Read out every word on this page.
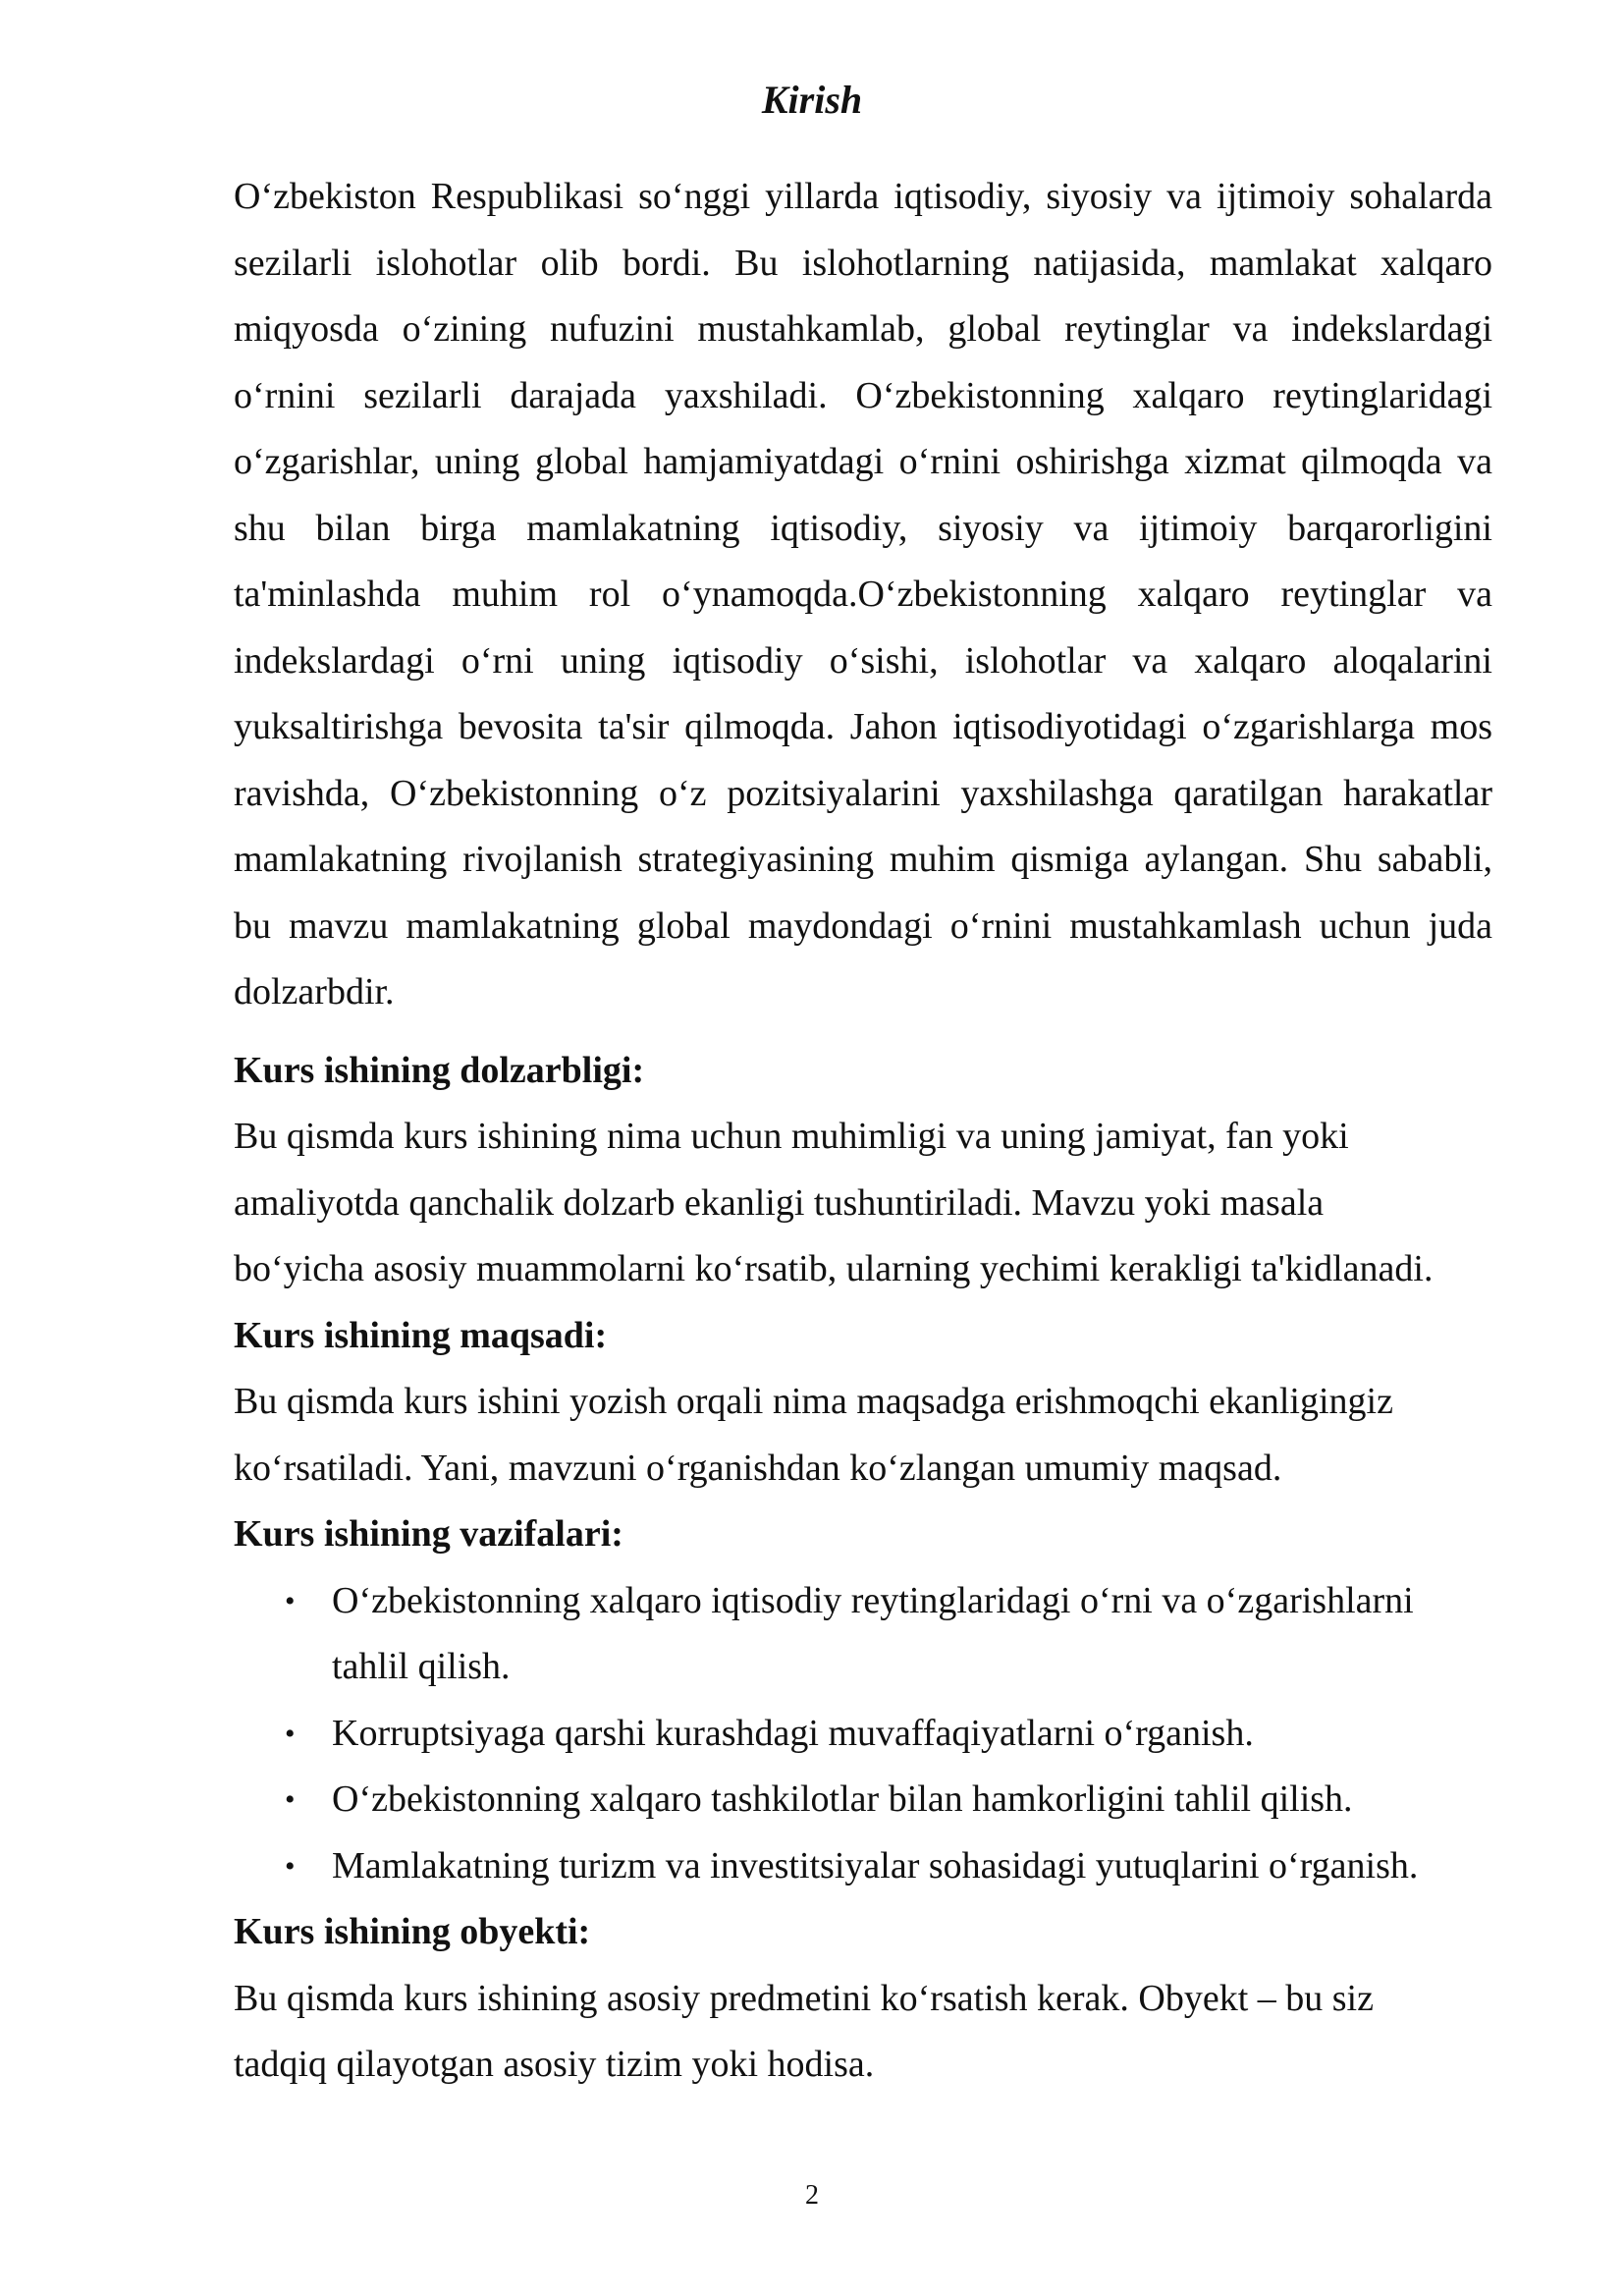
Kirish

O‘zbekiston Respublikasi so‘nggi yillarda iqtisodiy, siyosiy va ijtimoiy sohalarda sezilarli islohotlar olib bordi. Bu islohotlarning natijasida, mamlakat xalqaro miqyosda o‘zining nufuzini mustahkamlab, global reytinglar va indekslardagi o‘rnini sezilarli darajada yaxshiladi. O‘zbekistonning xalqaro reytinglaridagi o‘zgarishlar, uning global hamjamiyatdagi o‘rnini oshirishga xizmat qilmoqda va shu bilan birga mamlakatning iqtisodiy, siyosiy va ijtimoiy barqarorligini ta'minlashda muhim rol o‘ynamoqda.O‘zbekistonning xalqaro reytinglar va indekslardagi o‘rni uning iqtisodiy o‘sishi, islohotlar va xalqaro aloqalarini yuksaltirishga bevosita ta'sir qilmoqda. Jahon iqtisodiyotidagi o‘zgarishlarga mos ravishda, O‘zbekistonning o‘z pozitsiyalarini yaxshilashga qaratilgan harakatlar mamlakatning rivojlanish strategiyasining muhim qismiga aylangan. Shu sababli, bu mavzu mamlakatning global maydondagi o‘rnini mustahkamlash uchun juda dolzarbdir.

Kurs ishining dolzarbligi:

Bu qismda kurs ishining nima uchun muhimligi va uning jamiyat, fan yoki
amaliyotda qanchalik dolzarb ekanligi tushuntiriladi. Mavzu yoki masala
bo‘yicha asosiy muammolarni ko‘rsatib, ularning yechimi kerakligi ta'kidlanadi.

Kurs ishining maqsadi:

Bu qismda kurs ishini yozish orqali nima maqsadga erishmoqchi ekanligingiz
ko‘rsatiladi. Yani, mavzuni o‘rganishdan ko‘zlangan umumiy maqsad.

Kurs ishining vazifalari:

• O‘zbekistonning xalqaro iqtisodiy reytinglaridagi o‘rni va o‘zgarishlarni tahlil qilish.
• Korruptsiyaga qarshi kurashdagi muvaffaqiyatlarni o‘rganish.
• O‘zbekistonning xalqaro tashkilotlar bilan hamkorligini tahlil qilish.
• Mamlakatning turizm va investitsiyalar sohasidagi yutuqlarini o‘rganish.

Kurs ishining obyekti:

Bu qismda kurs ishining asosiy predmetini ko‘rsatish kerak. Obyekt – bu siz
tadqiq qilayotgan asosiy tizim yoki hodisa.

2
